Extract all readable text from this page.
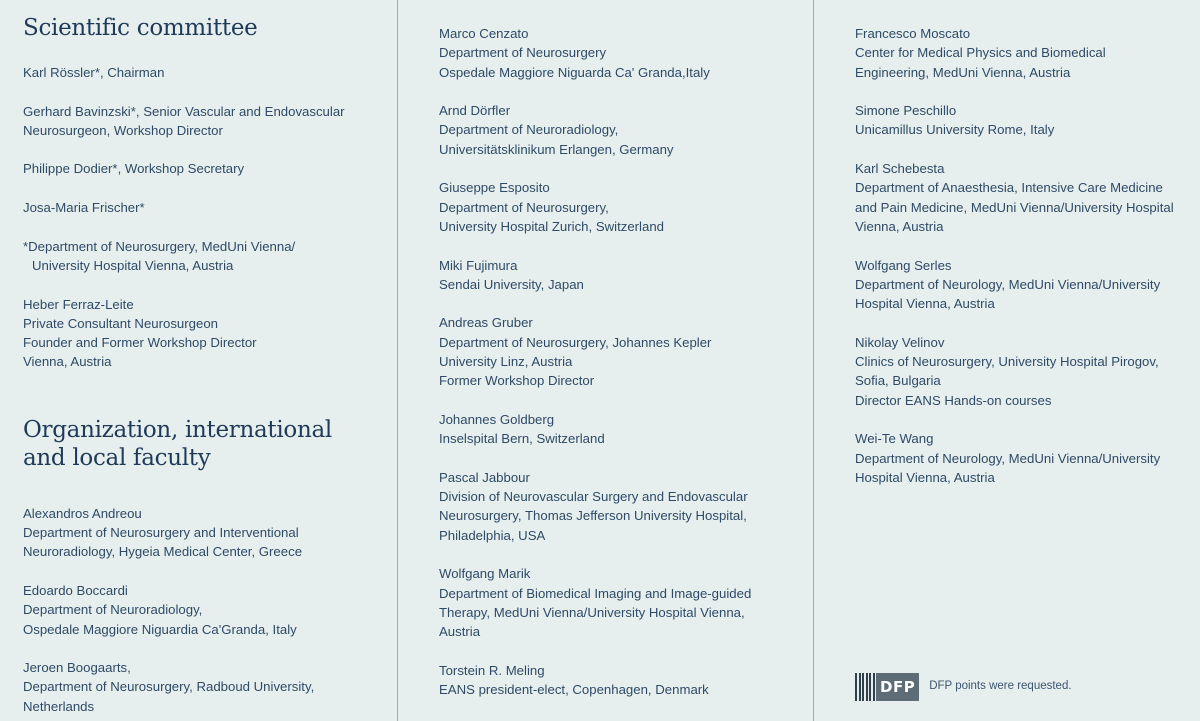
Scientific committee
Karl Rössler*, Chairman
Gerhard Bavinzski*, Senior Vascular and Endovascular
Neurosurgeon, Workshop Director
Philippe Dodier*, Workshop Secretary
Josa-Maria Frischer*
*Department of Neurosurgery, MedUni Vienna/
University Hospital Vienna, Austria
Heber Ferraz-Leite
Private Consultant Neurosurgeon
Founder and Former Workshop Director
Vienna, Austria
Organization, international and local faculty
Alexandros Andreou
Department of Neurosurgery and Interventional
Neuroradiology, Hygeia Medical Center, Greece
Edoardo Boccardi
Department of Neuroradiology,
Ospedale Maggiore Niguardia Ca'Granda, Italy
Jeroen Boogaarts,
Department of Neurosurgery, Radboud University,
Netherlands
Marco Cenzato
Department of Neurosurgery
Ospedale Maggiore Niguarda Ca' Granda,Italy
Arnd Dörfler
Department of Neuroradiology,
Universitätsklinikum Erlangen, Germany
Giuseppe Esposito
Department of Neurosurgery,
University Hospital Zurich, Switzerland
Miki Fujimura
Sendai University, Japan
Andreas Gruber
Department of Neurosurgery, Johannes Kepler
University Linz, Austria
Former Workshop Director
Johannes Goldberg
Inselspital Bern, Switzerland
Pascal Jabbour
Division of Neurovascular Surgery and Endovascular
Neurosurgery, Thomas Jefferson University Hospital,
Philadelphia, USA
Wolfgang Marik
Department of Biomedical Imaging and Image-guided
Therapy, MedUni Vienna/University Hospital Vienna,
Austria
Torstein R. Meling
EANS president-elect, Copenhagen, Denmark
Francesco Moscato
Center for Medical Physics and Biomedical
Engineering, MedUni Vienna, Austria
Simone Peschillo
Unicamillus University Rome, Italy
Karl Schebesta
Department of Anaesthesia, Intensive Care Medicine
and Pain Medicine, MedUni Vienna/University Hospital
Vienna, Austria
Wolfgang Serles
Department of Neurology, MedUni Vienna/University
Hospital Vienna, Austria
Nikolay Velinov
Clinics of Neurosurgery, University Hospital Pirogov,
Sofia, Bulgaria
Director EANS Hands-on courses
Wei-Te Wang
Department of Neurology, MedUni Vienna/University
Hospital Vienna, Austria
DFP	DFP points were requested.
